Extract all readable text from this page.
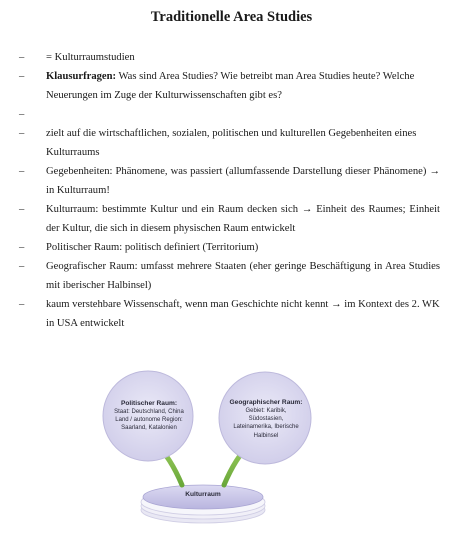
Traditionelle Area Studies
– = Kulturraumstudien
– Klausurfragen: Was sind Area Studies? Wie betreibt man Area Studies heute? Welche Neuerungen im Zuge der Kulturwissenschaften gibt es?
–
– zielt auf die wirtschaftlichen, sozialen, politischen und kulturellen Gegebenheiten eines Kulturraums
– Gegebenheiten: Phänomene, was passiert (allumfassende Darstellung dieser Phänomene) → in Kulturraum!
– Kulturraum: bestimmte Kultur und ein Raum decken sich → Einheit des Raumes; Einheit der Kultur, die sich in diesem physischen Raum entwickelt
– Politischer Raum: politisch definiert (Territorium)
– Geografischer Raum: umfasst mehrere Staaten (eher geringe Beschäftigung in Area Studies mit iberischer Halbinsel)
– kaum verstehbare Wissenschaft, wenn man Geschichte nicht kennt → im Kontext des 2. WK in USA entwickelt
Politischer Raum:
Staat: Deutschland, China
Land / autonome Region:
Saarland, Katalonien
Geographischer Raum:
Gebiet: Karibik,
Südostasien,
Lateinamerika, Iberische
Halbinsel
Kulturraum
